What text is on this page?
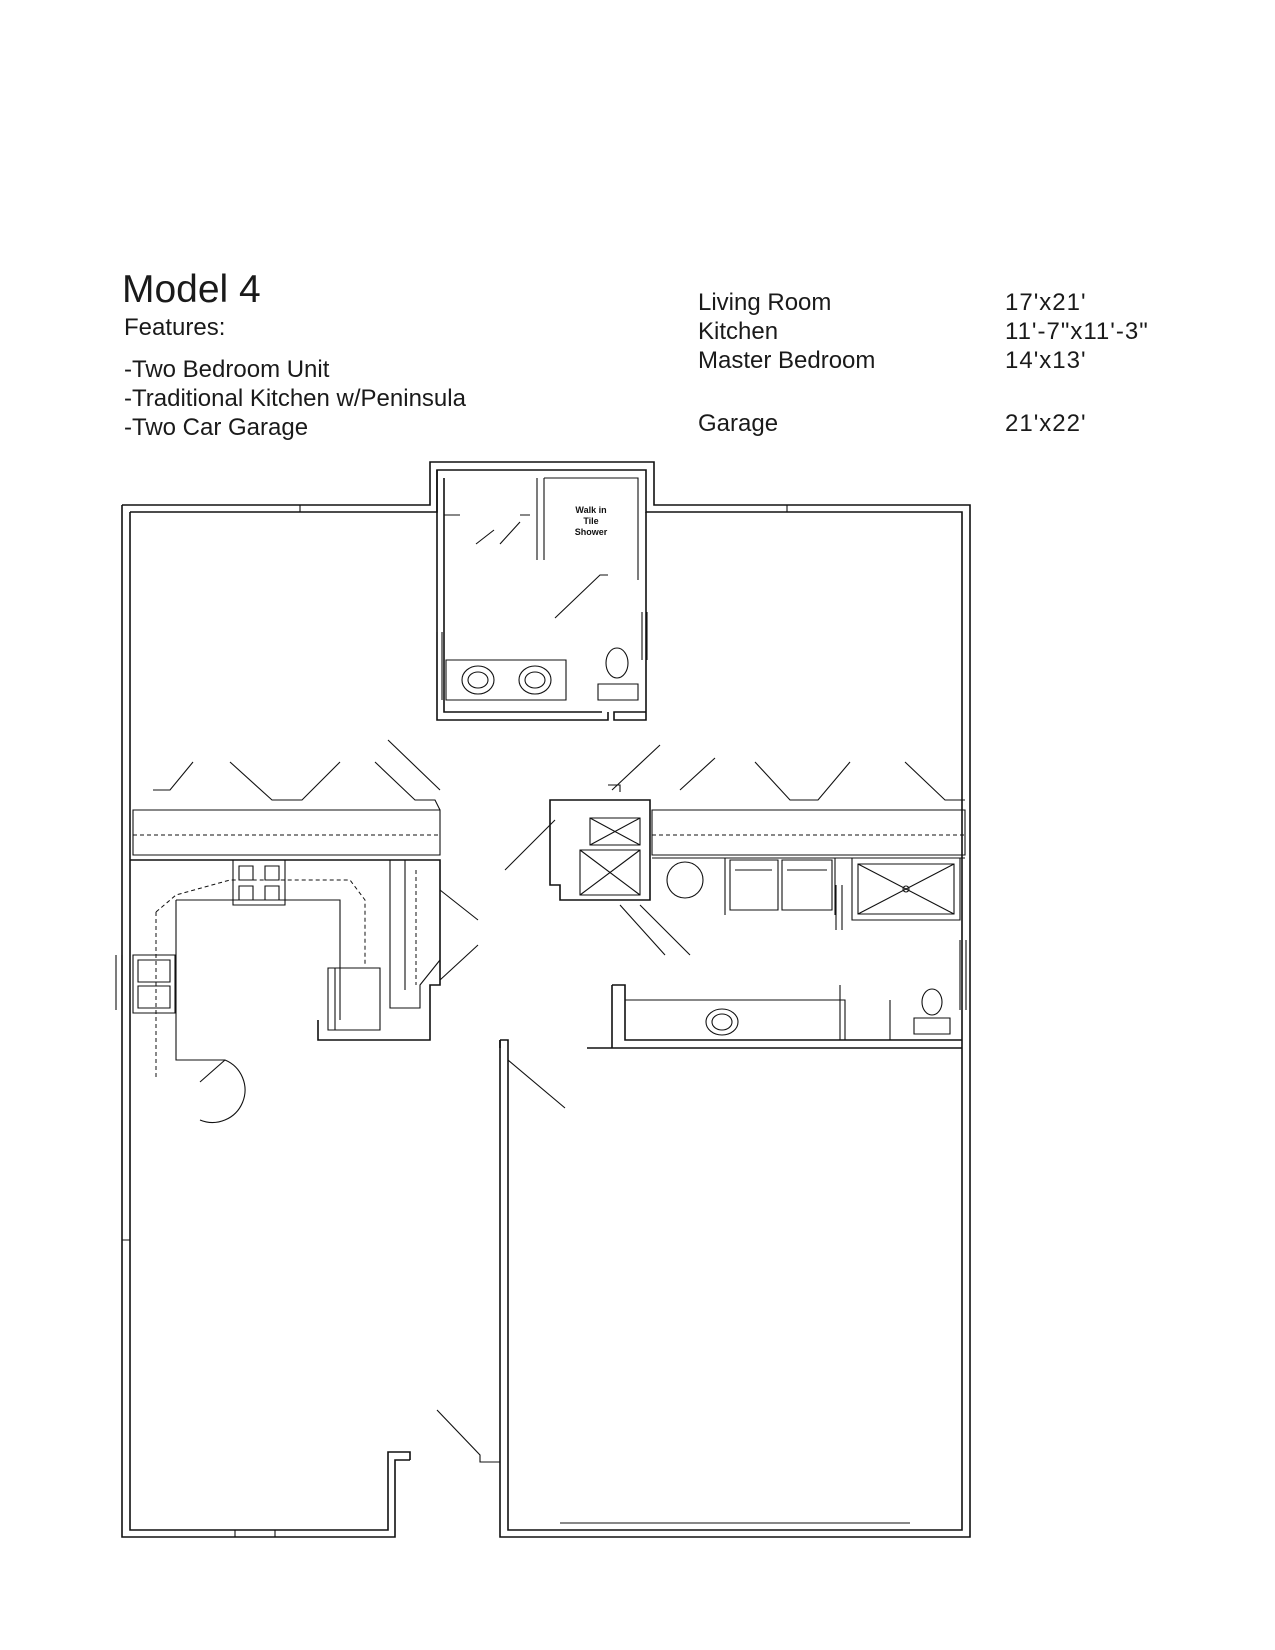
Model 4
Features:
-Two Bedroom Unit
-Traditional Kitchen w/Peninsula
-Two Car Garage
Living Room	17'x21'
Kitchen	11'-7"x11'-3"
Master Bedroom	14'x13'
Garage	21'x22'
Walk in
Tile
Shower
